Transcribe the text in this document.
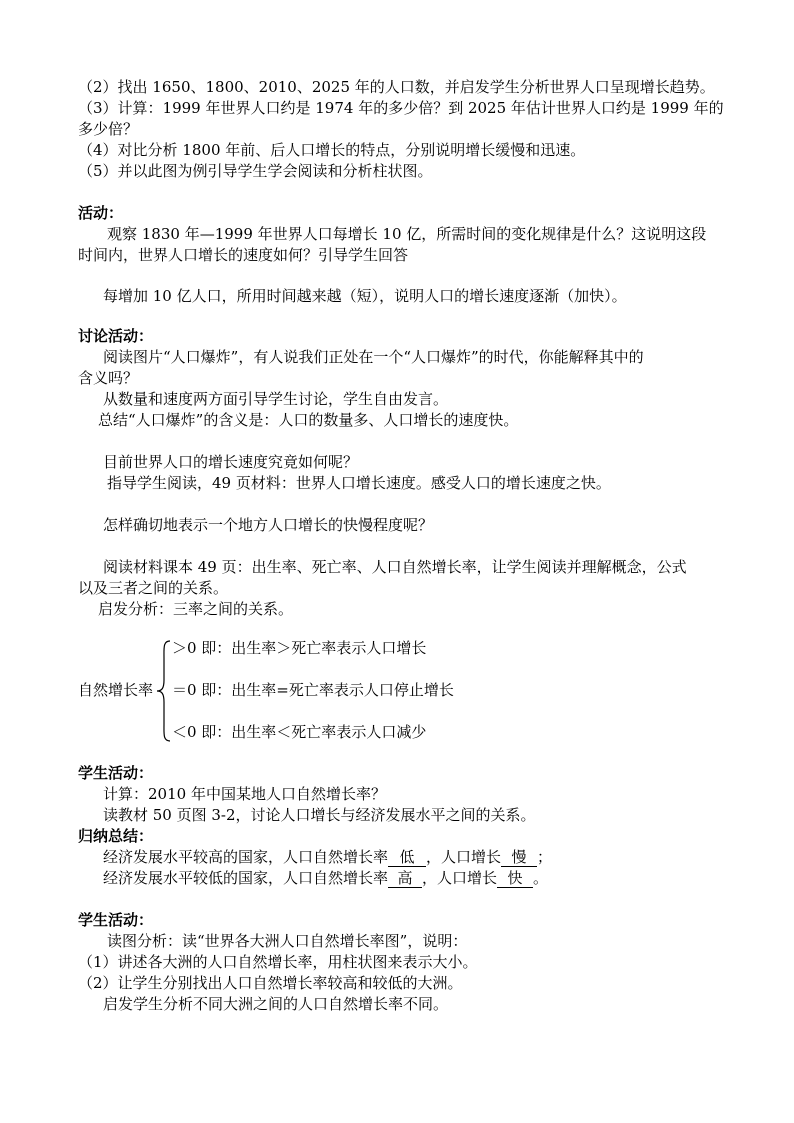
（2）找出 1650、1800、2010、2025 年的人口数，并启发学生分析世界人口呈现增长趋势。
（3）计算：1999 年世界人口约是 1974 年的多少倍？到 2025 年估计世界人口约是 1999 年的
多少倍？
（4）对比分析 1800 年前、后人口增长的特点，分别说明增长缓慢和迅速。
（5）并以此图为例引导学生学会阅读和分析柱状图。
活动：
观察 1830 年—1999 年世界人口每增长 10 亿，所需时间的变化规律是什么？这说明这段
时间内，世界人口增长的速度如何？引导学生回答
每增加 10 亿人口，所用时间越来越（短），说明人口的增长速度逐渐（加快）。
讨论活动：
阅读图片“人口爆炸”，有人说我们正处在一个“人口爆炸”的时代，你能解释其中的
含义吗？
从数量和速度两方面引导学生讨论，学生自由发言。
总结“人口爆炸”的含义是：人口的数量多、人口增长的速度快。
目前世界人口的增长速度究竟如何呢？
指导学生阅读，49 页材料：世界人口增长速度。感受人口的增长速度之快。
怎样确切地表示一个地方人口增长的快慢程度呢？
阅读材料课本 49 页：出生率、死亡率、人口自然增长率，让学生阅读并理解概念，公式
以及三者之间的关系。
启发分析：三率之间的关系。
自然增长率
＞0 即：出生率＞死亡率表示人口增长
＝0 即：出生率=死亡率表示人口停止增长
＜0 即：出生率＜死亡率表示人口减少
学生活动：
计算：2010 年中国某地人口自然增长率？
读教材 50 页图 3-2，讨论人口增长与经济发展水平之间的关系。
归纳总结：
经济发展水平较高的国家，人口自然增长率 低 ，人口增长 慢 ；
经济发展水平较低的国家，人口自然增长率 高 ，人口增长 快 。
学生活动：
读图分析：读“世界各大洲人口自然增长率图”，说明：
（1）讲述各大洲的人口自然增长率，用柱状图来表示大小。
（2）让学生分别找出人口自然增长率较高和较低的大洲。
启发学生分析不同大洲之间的人口自然增长率不同。
